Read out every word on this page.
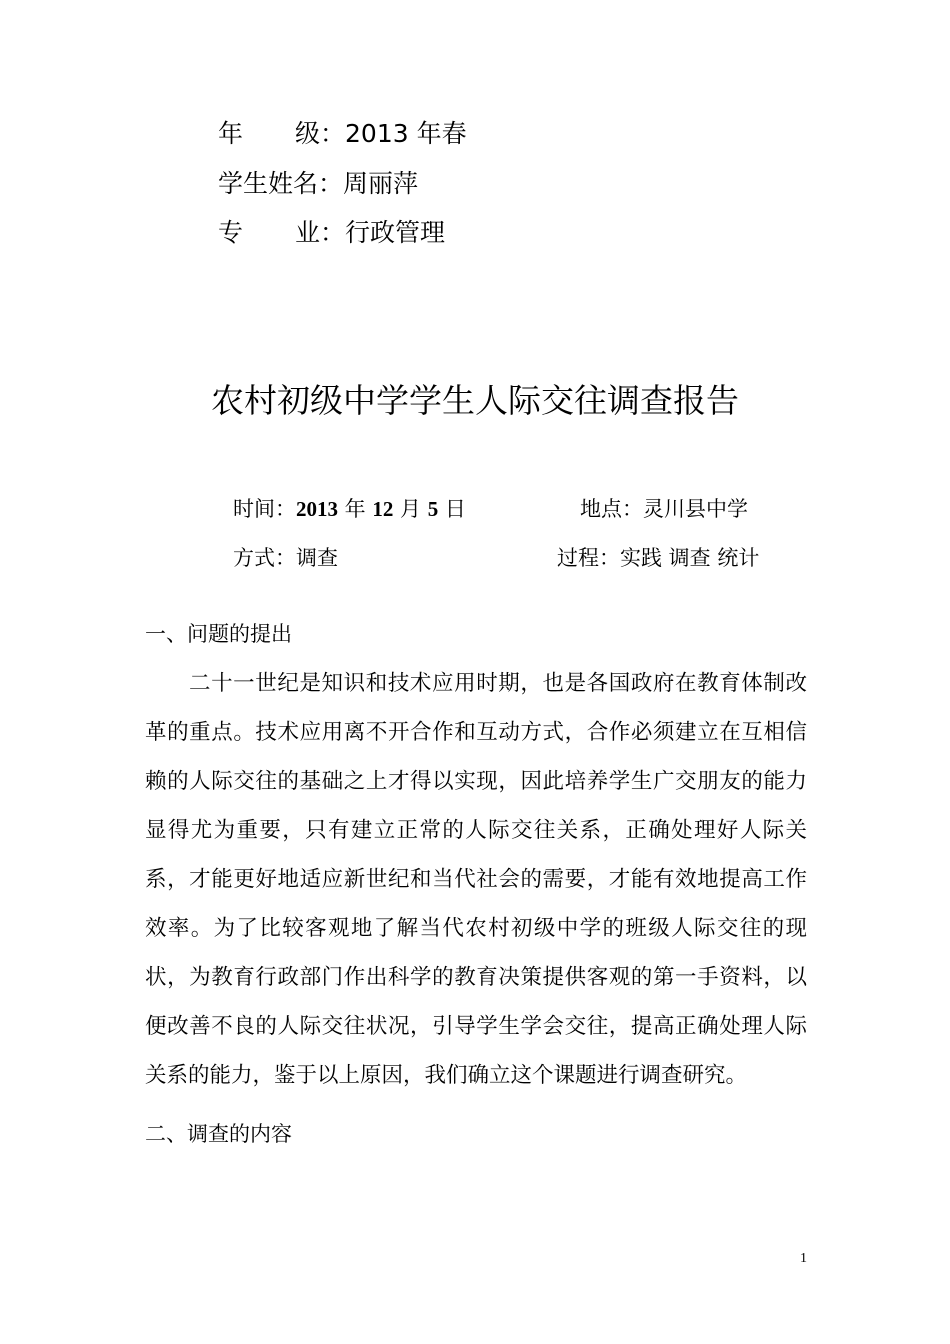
年 级：2013 年春
学生姓名：周丽萍
专 业：行政管理
农村初级中学学生人际交往调查报告
时间：2013 年 12 月 5 日	地点：灵川县中学
方式：调查	过程：实践 调查 统计
一、问题的提出

二十一世纪是知识和技术应用时期，也是各国政府在教育体制改革的重点。技术应用离不开合作和互动方式，合作必须建立在互相信赖的人际交往的基础之上才得以实现，因此培养学生广交朋友的能力显得尤为重要，只有建立正常的人际交往关系，正确处理好人际关系，才能更好地适应新世纪和当代社会的需要，才能有效地提高工作效率。为了比较客观地了解当代农村初级中学的班级人际交往的现状，为教育行政部门作出科学的教育决策提供客观的第一手资料，以便改善不良的人际交往状况，引导学生学会交往，提高正确处理人际关系的能力，鉴于以上原因，我们确立这个课题进行调查研究。

二、调查的内容
1
